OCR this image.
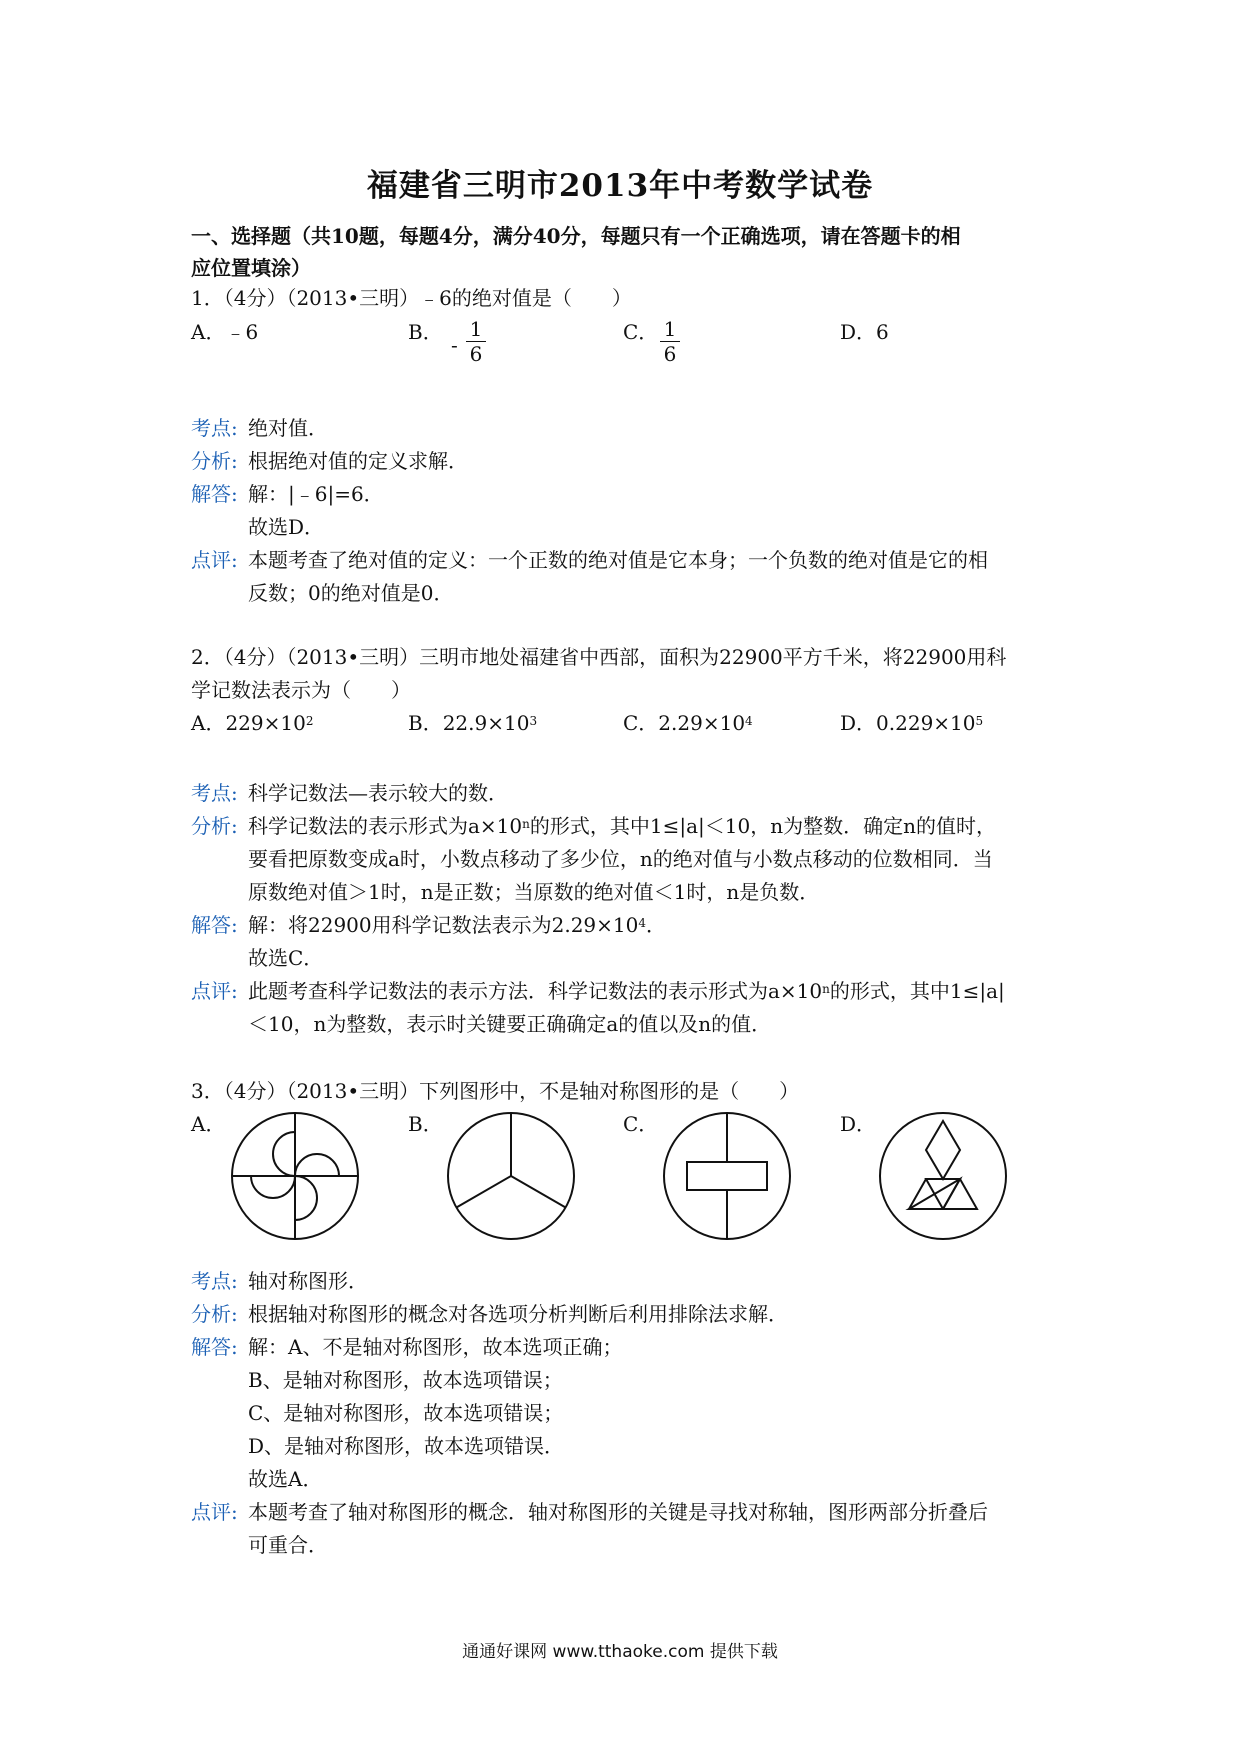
福建省三明市2013年中考数学试卷
一、选择题（共10题，每题4分，满分40分，每题只有一个正确选项，请在答题卡的相
应位置填涂）
1．（4分）（2013•三明）﹣6的绝对值是（　　）
A．﹣6	B．
-
1
6
C． 1
6
D．6
考点: 绝对值．
分析: 根据绝对值的定义求解．
解答: 解：|﹣6|=6．
故选D．
点评: 本题考查了绝对值的定义：一个正数的绝对值是它本身；一个负数的绝对值是它的相
反数；0的绝对值是0．
2．（4分）（2013•三明）三明市地处福建省中西部，面积为22900平方千米，将22900用科
学记数法表示为（　　）
A．$229\times 10^2$	B．$22.9\times 10^3$	C．$2.29\times 10^4$	D．$0.229\times 10^5$
考点: 科学记数法—表示较大的数．
分析: 科学记数法的表示形式为$a\times 10^n$的形式，其中1≤|a|＜10，n为整数．确定n的值时，
要看把原数变成a时，小数点移动了多少位，n的绝对值与小数点移动的位数相同．当
原数绝对值＞1时，n是正数；当原数的绝对值＜1时，n是负数．
解答: 解：将22900用科学记数法表示为$2.29\times 10^4$．
故选C．
点评: 此题考查科学记数法的表示方法．科学记数法的表示形式为$a\times 10^n$的形式，其中1≤|a|
＜10，n为整数，表示时关键要正确确定a的值以及n的值．
3．（4分）（2013•三明）下列图形中，不是轴对称图形的是（　　）
A．	B．	C．	D．
考点: 轴对称图形．
分析: 根据轴对称图形的概念对各选项分析判断后利用排除法求解．
解答: 解：A、不是轴对称图形，故本选项正确；
B、是轴对称图形，故本选项错误；
C、是轴对称图形，故本选项错误；
D、是轴对称图形，故本选项错误．
故选A．
点评: 本题考查了轴对称图形的概念．轴对称图形的关键是寻找对称轴，图形两部分折叠后
可重合．
通通好课网 www.tthaoke.com 提供下载
